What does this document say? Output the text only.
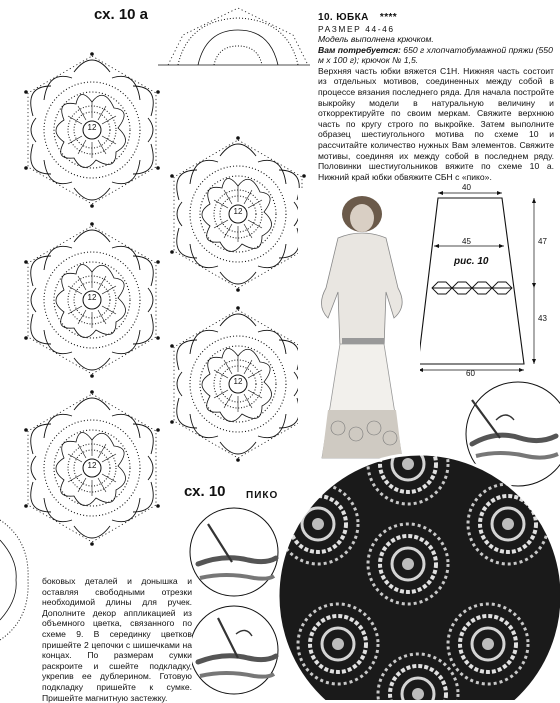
12
12
12
12
12
сх. 10 а
сх. 10 ПИКО
10. ЮБКА ****
РАЗМЕР 44-46
Модель выполнена крючком.
Вам потребуется: 650 г хлопчатобумажной пряжи (550 м х 100 г); крючок № 1,5.
Верхняя часть юбки вяжется С1Н. Нижняя часть состоит из отдельных мотивов, соединенных между собой в процессе вязания последнего ряда. Для начала постройте выкройку модели в натуральную величину и откорректируйте по своим меркам. Свяжите верхнюю часть по кругу строго по выкройке. Затем выполните образец шестиугольного мотива по схеме 10 и рассчитайте количество нужных Вам элементов. Свяжите мотивы, соединяя их между собой в последнем ряду. Половинки шестиугольников вяжите по схеме 10 а. Нижний край юбки обвяжите СБН с «пико».
40
45	47
43
60
рис. 10
боковых деталей и донышка и оставляя свободными отрезки необходимой длины для ручек. Дополните декор аппликацией из объемного цветка, связанного по схеме 9. В серединку цветков пришейте 2 цепочки с шишечками на концах. По размерам сумки раскроите и сшейте подкладку, укрепив ее дублерином. Готовую подкладку пришейте к сумке. Пришейте магнитную застежку.
